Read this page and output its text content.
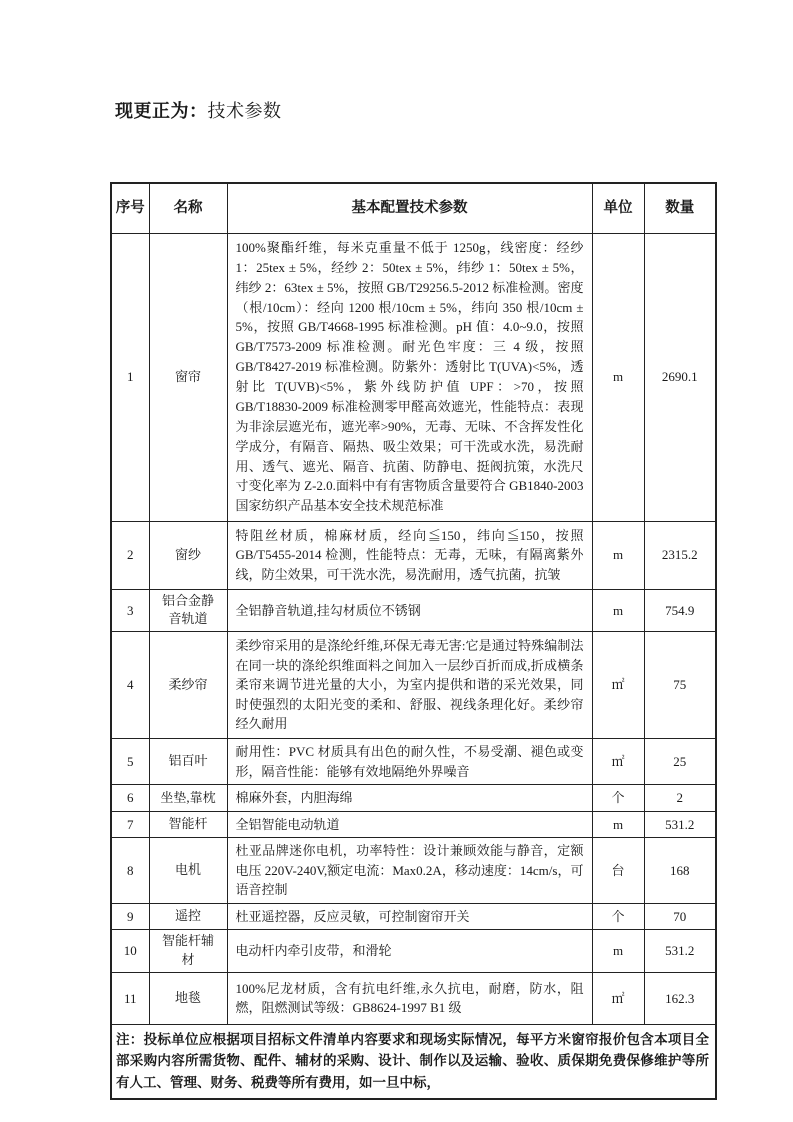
现更正为：技术参数
序号	名称	基本配置技术参数	单位	数量
1	窗帘	100%聚酯纤维，每米克重量不低于 1250g，线密度：经纱 1：25tex ± 5%，经纱 2：50tex ± 5%，纬纱 1：50tex ± 5%，纬纱 2：63tex ± 5%，按照 GB/T29256.5-2012 标准检测。密度（根/10cm）：经向 1200 根/10cm ± 5%，纬向 350 根/10cm ± 5%，按照 GB/T4668-1995 标准检测。pH 值：4.0~9.0，按照 GB/T7573-2009 标准检测。耐光色牢度：三 4 级，按照 GB/T8427-2019 标准检测。防紫外：透射比 T(UVA)<5%，透射比 T(UVB)<5%，紫外线防护值 UPF：>70，按照 GB/T18830-2009 标准检测零甲醛高效遮光，性能特点：表现为非涂层遮光布，遮光率>90%，无毒、无味、不含挥发性化学成分，有隔音、隔热、吸尘效果；可干洗或水洗，易洗耐用、透气、遮光、隔音、抗菌、防静电、挺阀抗策，水洗尺寸变化率为 Z-2.0.面料中有有害物质含量要符合 GB1840-2003 国家纺织产品基本安全技术规范标准	m	2690.1
2	窗纱	特阻丝材质，棉麻材质，经向≦150，纬向≦150，按照 GB/T5455-2014 检测，性能特点：无毒，无味，有隔离紫外线，防尘效果，可干洗水洗，易洗耐用，透气抗菌，抗皱	m	2315.2
3	铝合金静音轨道	全铝静音轨道,挂勾材质位不锈钢	m	754.9
4	柔纱帘	柔纱帘采用的是涤纶纤维,环保无毒无害:它是通过特殊编制法在同一块的涤纶织维面料之间加入一层纱百折而成,折成横条柔帘来调节进光量的大小，为室内提供和谐的采光效果，同时使强烈的太阳光变的柔和、舒服、视线条理化好。柔纱帘经久耐用	㎡	75
5	铝百叶	耐用性：PVC 材质具有出色的耐久性，不易受潮、褪色或变形，隔音性能：能够有效地隔绝外界噪音	㎡	25
6	坐垫,靠枕	棉麻外套，内胆海绵	个	2
7	智能杆	全铝智能电动轨道	m	531.2
8	电机	杜亚品牌迷你电机，功率特性：设计兼顾效能与静音，定额电压 220V-240V,额定电流：Max0.2A，移动速度：14cm/s，可语音控制	台	168
9	遥控	杜亚遥控器，反应灵敏，可控制窗帘开关	个	70
10	智能杆辅材	电动杆内牵引皮带，和滑轮	m	531.2
11	地毯	100%尼龙材质，含有抗电纤维,永久抗电，耐磨，防水，阻燃，阻燃测试等级：GB8624-1997 B1 级	㎡	162.3
注：投标单位应根据项目招标文件清单内容要求和现场实际情况，每平方米窗帘报价包含本项目全部采购内容所需货物、配件、辅材的采购、设计、制作以及运输、验收、质保期免费保修维护等所有人工、管理、财务、税费等所有费用，如一旦中标，				
